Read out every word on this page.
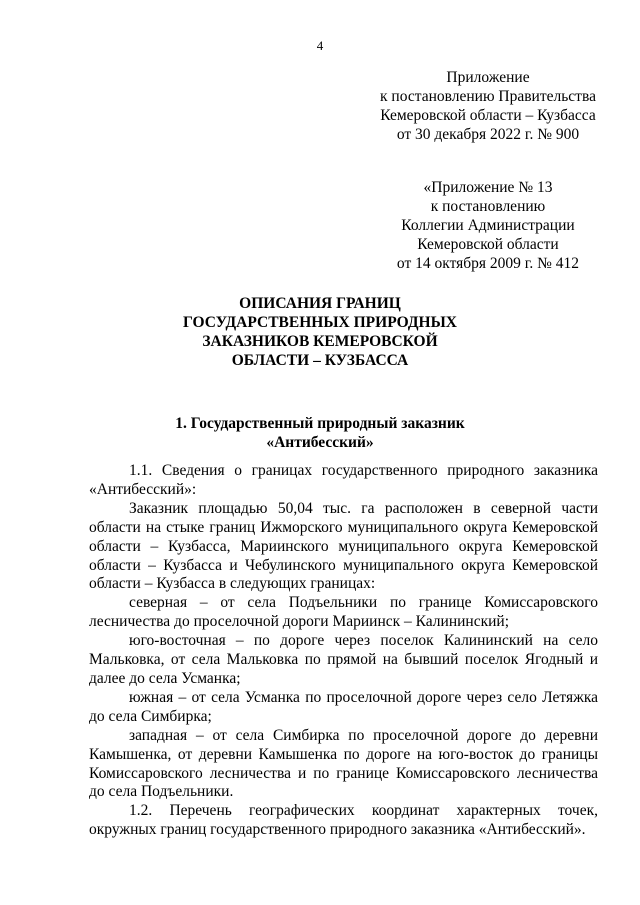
4
Приложение
к постановлению Правительства
Кемеровской области – Кузбасса
от 30 декабря 2022 г. № 900
«Приложение № 13
к постановлению
Коллегии Администрации
Кемеровской области
от 14 октября 2009 г. № 412
ОПИСАНИЯ ГРАНИЦ
ГОСУДАРСТВЕННЫХ ПРИРОДНЫХ
ЗАКАЗНИКОВ КЕМЕРОВСКОЙ
ОБЛАСТИ – КУЗБАССА
1. Государственный природный заказник
«Антибесский»

1.1. Сведения о границах государственного природного заказника «Антибесский»:

Заказник площадью 50,04 тыс. га расположен в северной части области на стыке границ Ижморского муниципального округа Кемеровской области – Кузбасса, Мариинского муниципального округа Кемеровской области – Кузбасса и Чебулинского муниципального округа Кемеровской области – Кузбасса в следующих границах:

северная – от села Подъельники по границе Комиссаровского лесничества до проселочной дороги Мариинск – Калининский;

юго-восточная – по дороге через поселок Калининский на село Мальковка, от села Мальковка по прямой на бывший поселок Ягодный и далее до села Усманка;

южная – от села Усманка по проселочной дороге через село Летяжка до села Симбирка;

западная – от села Симбирка по проселочной дороге до деревни Камышенка, от деревни Камышенка по дороге на юго-восток до границы Комиссаровского лесничества и по границе Комиссаровского лесничества до села Подъельники.

1.2. Перечень географических координат характерных точек, окружных границ государственного природного заказника «Антибесский».
